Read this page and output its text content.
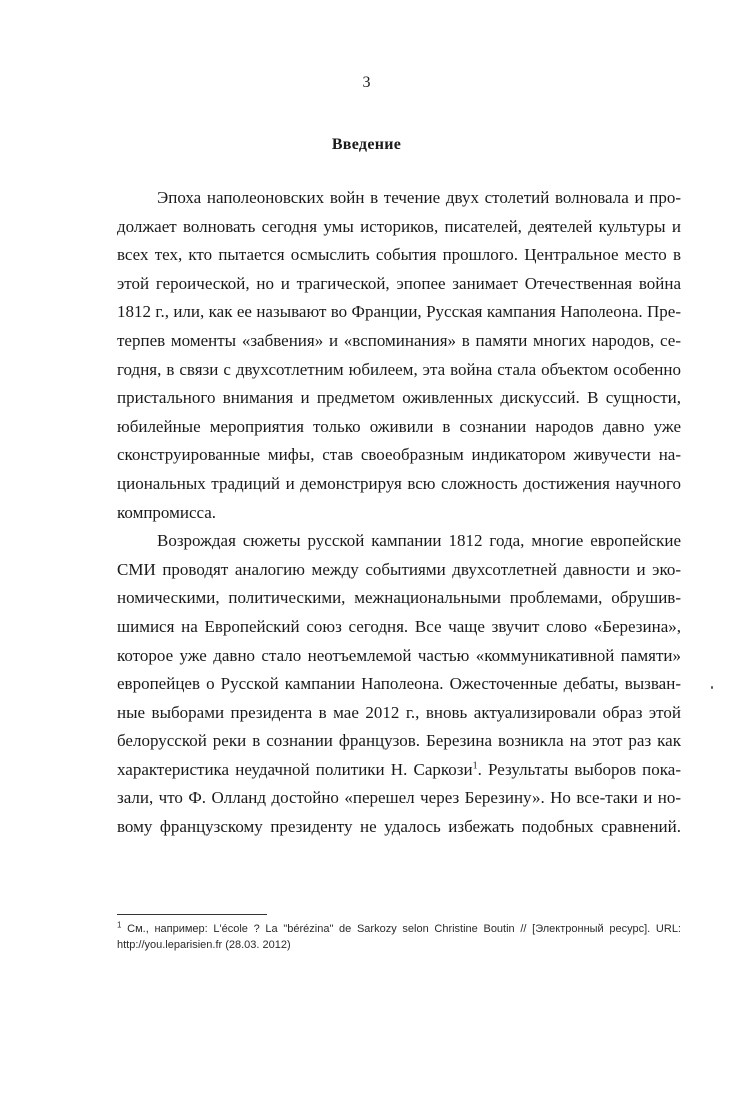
3
Введение
Эпоха наполеоновских войн в течение двух столетий волновала и про-
должает волновать сегодня умы историков, писателей, деятелей культуры и
всех тех, кто пытается осмыслить события прошлого. Центральное место в
этой героической, но и трагической, эпопее занимает Отечественная война
1812 г., или, как ее называют во Франции, Русская кампания Наполеона. Пре-
терпев моменты «забвения» и «вспоминания» в памяти многих народов, се-
годня, в связи с двухсотлетним юбилеем, эта война стала объектом особенно
пристального внимания и предметом оживленных дискуссий. В сущности,
юбилейные мероприятия только оживили в сознании народов давно уже
сконструированные мифы, став своеобразным индикатором живучести на-
циональных традиций и демонстрируя всю сложность достижения научного
компромисса.
Возрождая сюжеты русской кампании 1812 года, многие европейские
СМИ проводят аналогию между событиями двухсотлетней давности и эко-
номическими, политическими, межнациональными проблемами, обрушив-
шимися на Европейский союз сегодня. Все чаще звучит слово «Березина»,
которое уже давно стало неотъемлемой частью «коммуникативной памяти»
европейцев о Русской кампании Наполеона. Ожесточенные дебаты, вызван-
ные выборами президента в мае 2012 г., вновь актуализировали образ этой
белорусской реки в сознании французов. Березина возникла на этот раз как
характеристика неудачной политики Н. Саркози$^1$. Результаты выборов пока-
зали, что Ф. Олланд достойно «перешел через Березину». Но все-таки и но-
вому французскому президенту не удалось избежать подобных сравнений.
$^1$ См., например: L'école ? La "bérézina" de Sarkozy selon Christine Boutin // [Электронный ресурс]. URL:
http://you.leparisien.fr (28.03. 2012)
